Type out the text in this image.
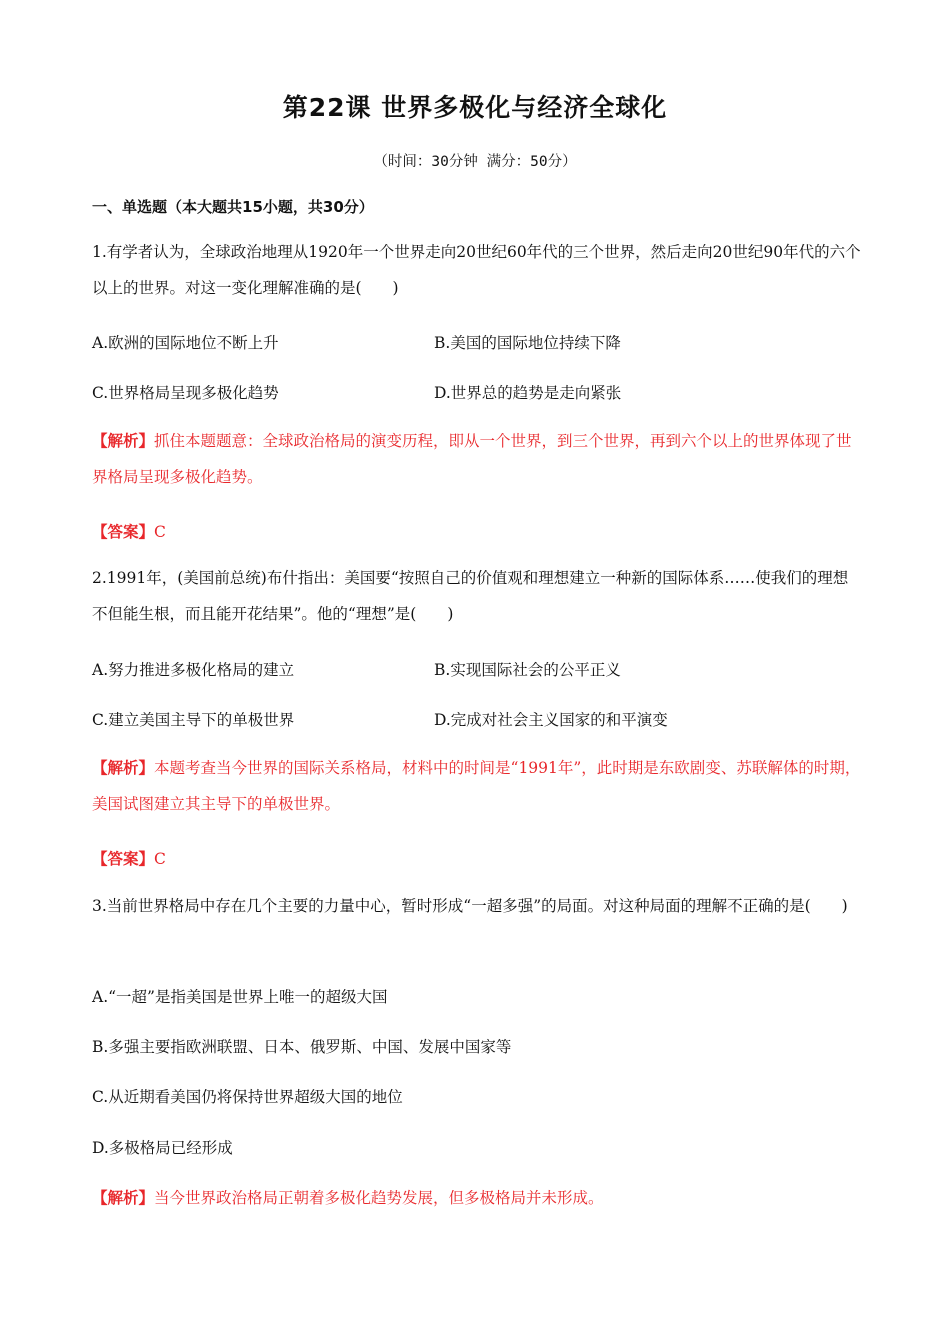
第22课 世界多极化与经济全球化
（时间：30分钟 满分：50分）
一、单选题（本大题共15小题，共30分）
1.有学者认为，全球政治地理从1920年一个世界走向20世纪60年代的三个世界，然后走向20世纪90年代的六个以上的世界。对这一变化理解准确的是(　　)
A.欧洲的国际地位不断上升	B.美国的国际地位持续下降
C.世界格局呈现多极化趋势	D.世界总的趋势是走向紧张
【解析】抓住本题题意：全球政治格局的演变历程，即从一个世界，到三个世界，再到六个以上的世界体现了世界格局呈现多极化趋势。
【答案】C
2.1991年，(美国前总统)布什指出：美国要“按照自己的价值观和理想建立一种新的国际体系……使我们的理想不但能生根，而且能开花结果”。他的“理想”是(　　)
A.努力推进多极化格局的建立	B.实现国际社会的公平正义
C.建立美国主导下的单极世界	D.完成对社会主义国家的和平演变
【解析】本题考查当今世界的国际关系格局，材料中的时间是“1991年”，此时期是东欧剧变、苏联解体的时期，美国试图建立其主导下的单极世界。
【答案】C
3.当前世界格局中存在几个主要的力量中心，暂时形成“一超多强”的局面。对这种局面的理解不正确的是(　　)
A.“一超”是指美国是世界上唯一的超级大国
B.多强主要指欧洲联盟、日本、俄罗斯、中国、发展中国家等
C.从近期看美国仍将保持世界超级大国的地位
D.多极格局已经形成
【解析】当今世界政治格局正朝着多极化趋势发展，但多极格局并未形成。
